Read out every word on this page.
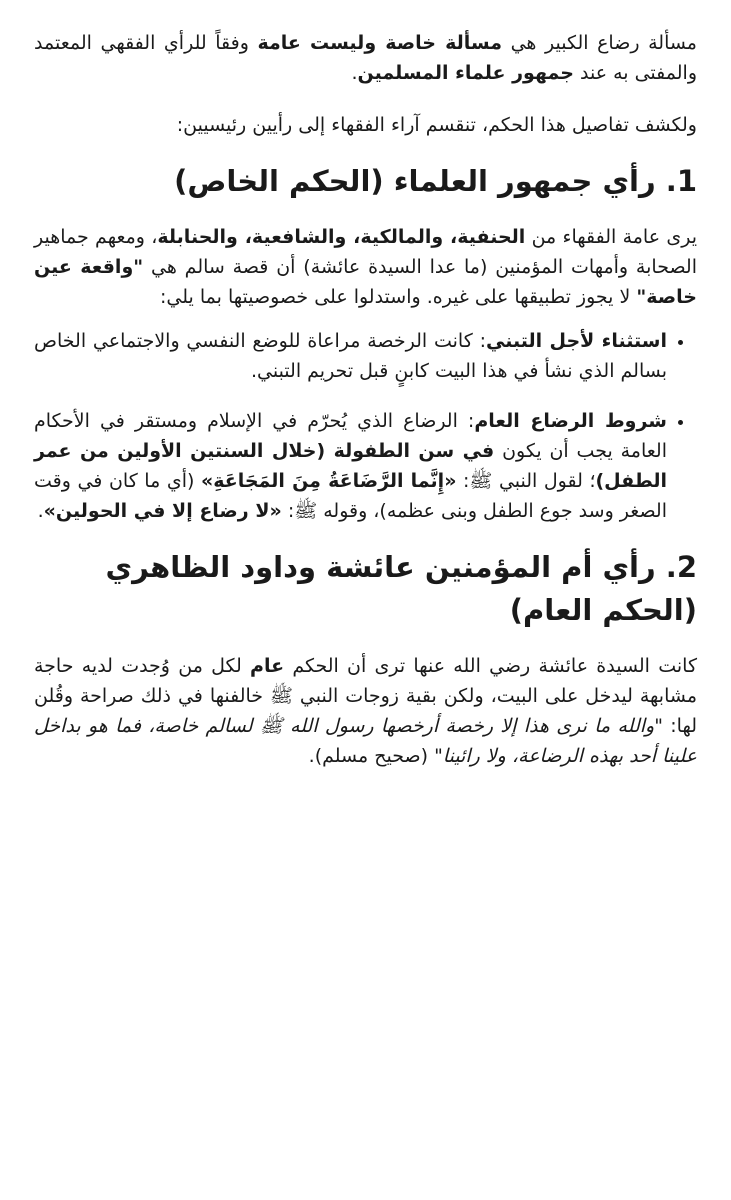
مسألة رضاع الكبير هي مسألة خاصة وليست عامة وفقاً للرأي الفقهي المعتمد والمفتى به عند جمهور علماء المسلمين.

ولكشف تفاصيل هذا الحكم، تنقسم آراء الفقهاء إلى رأيين رئيسيين:

1. رأي جمهور العلماء (الحكم الخاص)

يرى عامة الفقهاء من الحنفية، والمالكية، والشافعية، والحنابلة، ومعهم جماهير الصحابة وأمهات المؤمنين (ما عدا السيدة عائشة) أن قصة سالم هي "واقعة عين خاصة" لا يجوز تطبيقها على غيره. واستدلوا على خصوصيتها بما يلي:

• استثناء لأجل التبني: كانت الرخصة مراعاة للوضع النفسي والاجتماعي الخاص بسالم الذي نشأ في هذا البيت كابنٍ قبل تحريم التبني.
• شروط الرضاع العام: الرضاع الذي يُحرّم في الإسلام ومستقر في الأحكام العامة يجب أن يكون في سن الطفولة (خلال السنتين الأولين من عمر الطفل)؛ لقول النبي ﷺ: «إِنَّما الرَّضَاعَةُ مِنَ المَجَاعَةِ» (أي ما كان في وقت الصغر وسد جوع الطفل وبنى عظمه)، وقوله ﷺ: «لا رضاع إلا في الحولين».
2. رأي أم المؤمنين عائشة وداود الظاهري (الحكم العام)

كانت السيدة عائشة رضي الله عنها ترى أن الحكم عام لكل من وُجدت لديه حاجة مشابهة ليدخل على البيت، ولكن بقية زوجات النبي ﷺ خالفنها في ذلك صراحة وقُلن لها: "والله ما نرى هذا إلا رخصة أرخصها رسول الله ﷺ لسالم خاصة، فما هو بداخل علينا أحد بهذه الرضاعة، ولا رائينا" (صحيح مسلم).
